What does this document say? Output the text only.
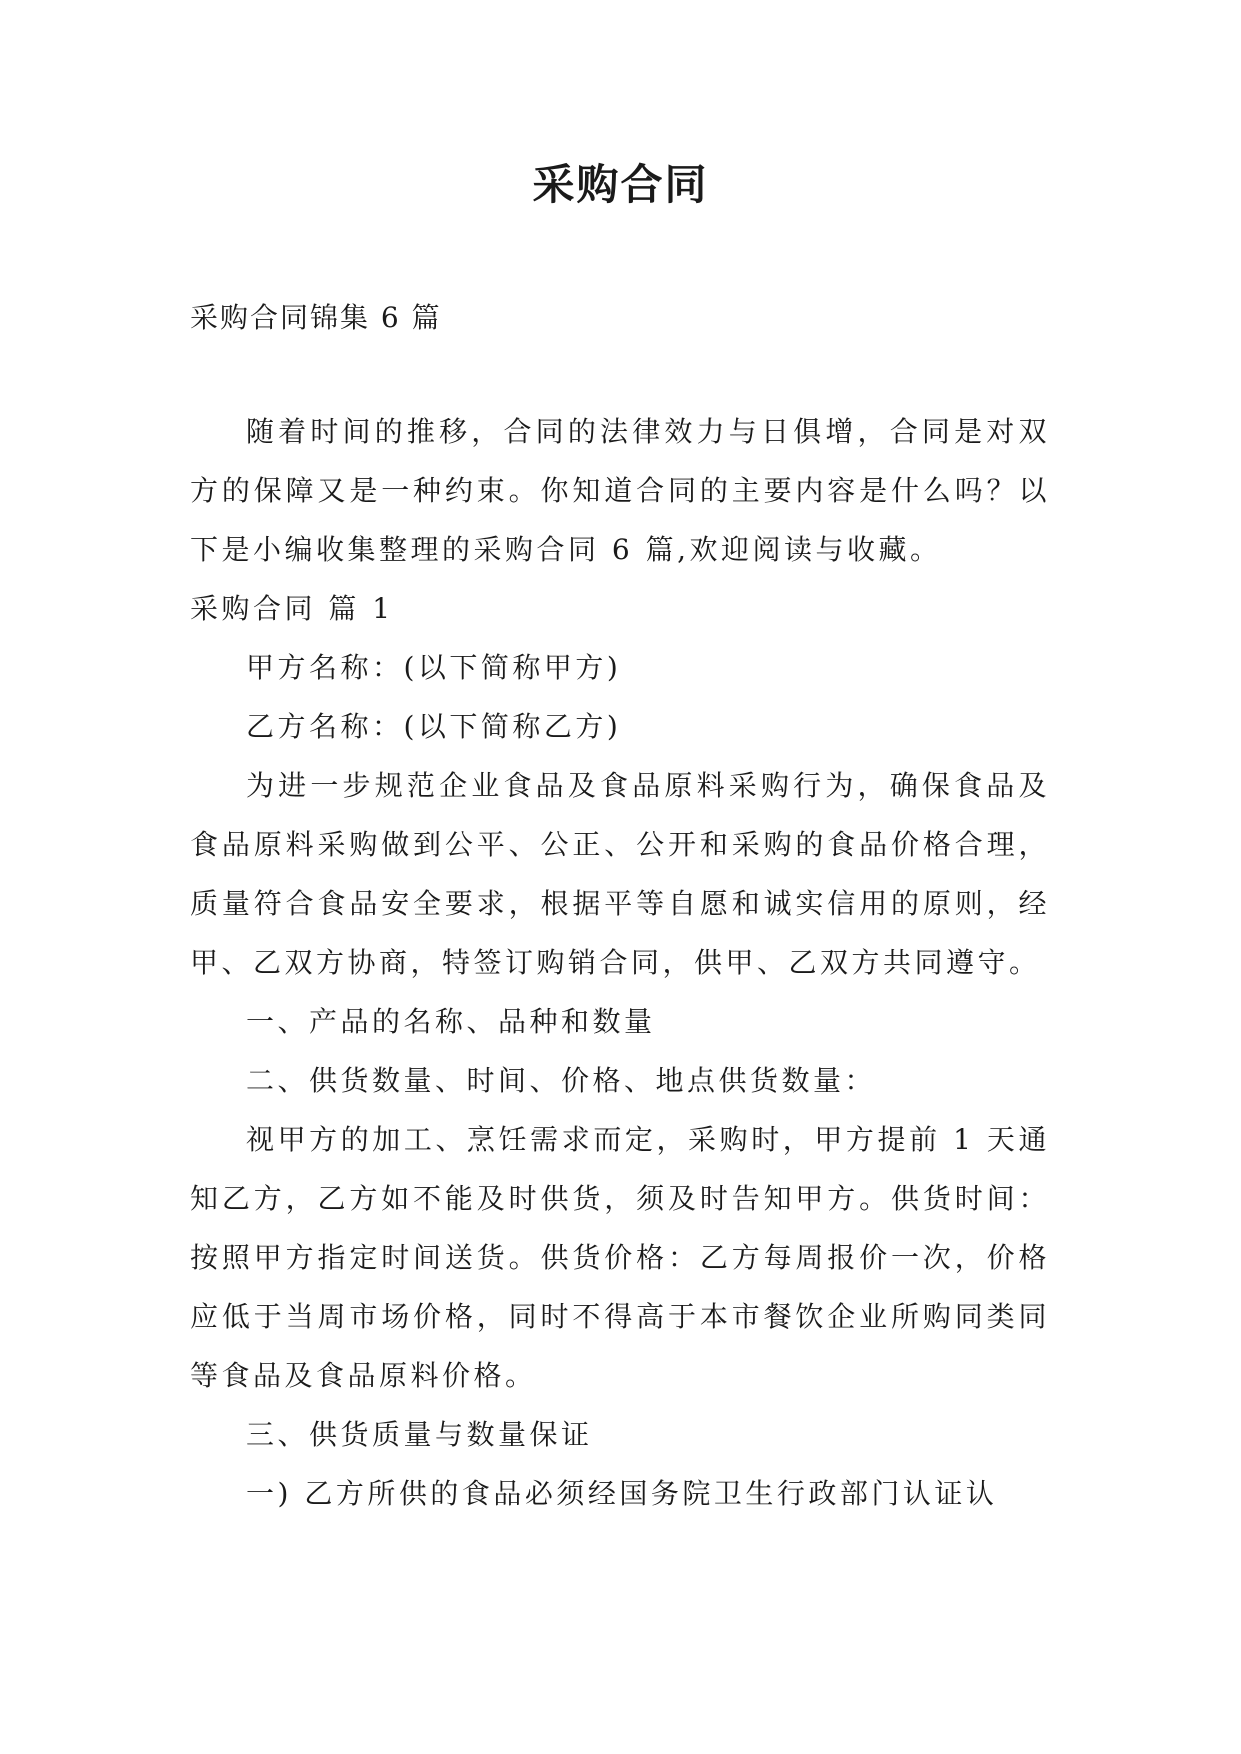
采购合同

采购合同锦集 6 篇

随着时间的推移，合同的法律效力与日俱增，合同是对双方的保障又是一种约束。你知道合同的主要内容是什么吗？以下是小编收集整理的采购合同 6 篇,欢迎阅读与收藏。

采购合同 篇 1

甲方名称：(以下简称甲方)

乙方名称：(以下简称乙方)

为进一步规范企业食品及食品原料采购行为，确保食品及食品原料采购做到公平、公正、公开和采购的食品价格合理，质量符合食品安全要求，根据平等自愿和诚实信用的原则，经甲、乙双方协商，特签订购销合同，供甲、乙双方共同遵守。

一、产品的名称、品种和数量

二、供货数量、时间、价格、地点供货数量：

视甲方的加工、烹饪需求而定，采购时，甲方提前 1 天通知乙方，乙方如不能及时供货，须及时告知甲方。供货时间：按照甲方指定时间送货。供货价格：乙方每周报价一次，价格应低于当周市场价格，同时不得高于本市餐饮企业所购同类同等食品及食品原料价格。

三、供货质量与数量保证

一) 乙方所供的食品必须经国务院卫生行政部门认证认
